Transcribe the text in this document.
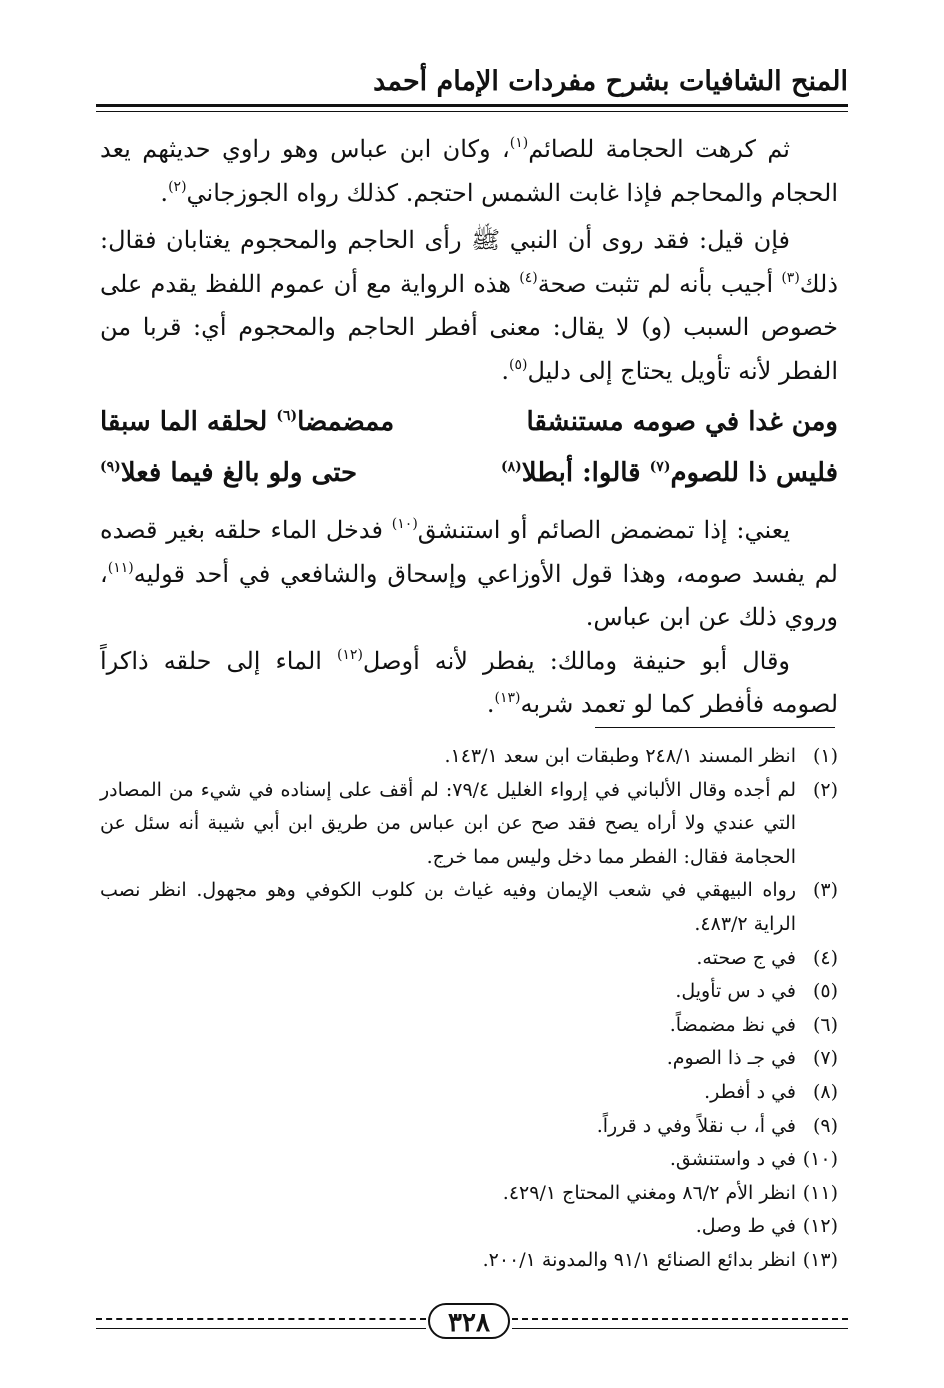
المنح الشافيات بشرح مفردات الإمام أحمد

ثم كرهت الحجامة للصائم$^{(١)}$، وكان ابن عباس وهو راوي حديثهم يعد الحجام والمحاجم فإذا غابت الشمس احتجم. كذلك رواه الجوزجاني$^{(٢)}$.

فإن قيل: فقد روى أن النبي ﷺ رأى الحاجم والمحجوم يغتابان فقال: ذلك$^{(٣)}$ أجيب بأنه لم تثبت صحة$^{(٤)}$ هذه الرواية مع أن عموم اللفظ يقدم على خصوص السبب (و) لا يقال: معنى أفطر الحاجم والمحجوم أي: قربا من الفطر لأنه تأويل يحتاج إلى دليل$^{(٥)}$.

ومن غدا في صومه مستنشقا
ممضمضا$^{(٦)}$ لحلقه الما سبقا
فليس ذا للصوم$^{(٧)}$ قالوا: أبطلا$^{(٨)}$
حتى ولو بالغ فيما فعلا$^{(٩)}$

يعني: إذا تمضمض الصائم أو استنشق$^{(١٠)}$ فدخل الماء حلقه بغير قصده لم يفسد صومه، وهذا قول الأوزاعي وإسحاق والشافعي في أحد قوليه$^{(١١)}$، وروي ذلك عن ابن عباس.

وقال أبو حنيفة ومالك: يفطر لأنه أوصل$^{(١٢)}$ الماء إلى حلقه ذاكراً لصومه فأفطر كما لو تعمد شربه$^{(١٣)}$.

(١)
انظر المسند ٢٤٨/١ وطبقات ابن سعد ١٤٣/١.
(٢)
لم أجده وقال الألباني في إرواء الغليل ٧٩/٤: لم أقف على إسناده في شيء من المصادر التي عندي ولا أراه يصح فقد صح عن ابن عباس من طريق ابن أبي شيبة أنه سئل عن الحجامة فقال: الفطر مما دخل وليس مما خرج.
(٣)
رواه البيهقي في شعب الإيمان وفيه غياث بن كلوب الكوفي وهو مجهول. انظر نصب الراية ٤٨٣/٢.
(٤)
في ج صحته.
(٥)
في د س تأويل.
(٦)
في نظ مضمضاً.
(٧)
في جـ ذا الصوم.
(٨)
في د أفطر.
(٩)
في أ، ب نقلاً وفي د قرراً.
(١٠)
في د واستنشق.
(١١)
انظر الأم ٨٦/٢ ومغني المحتاج ٤٢٩/١.
(١٢)
في ط وصل.
(١٣)
انظر بدائع الصنائع ٩١/١ والمدونة ٢٠٠/١.
٣٢٨
